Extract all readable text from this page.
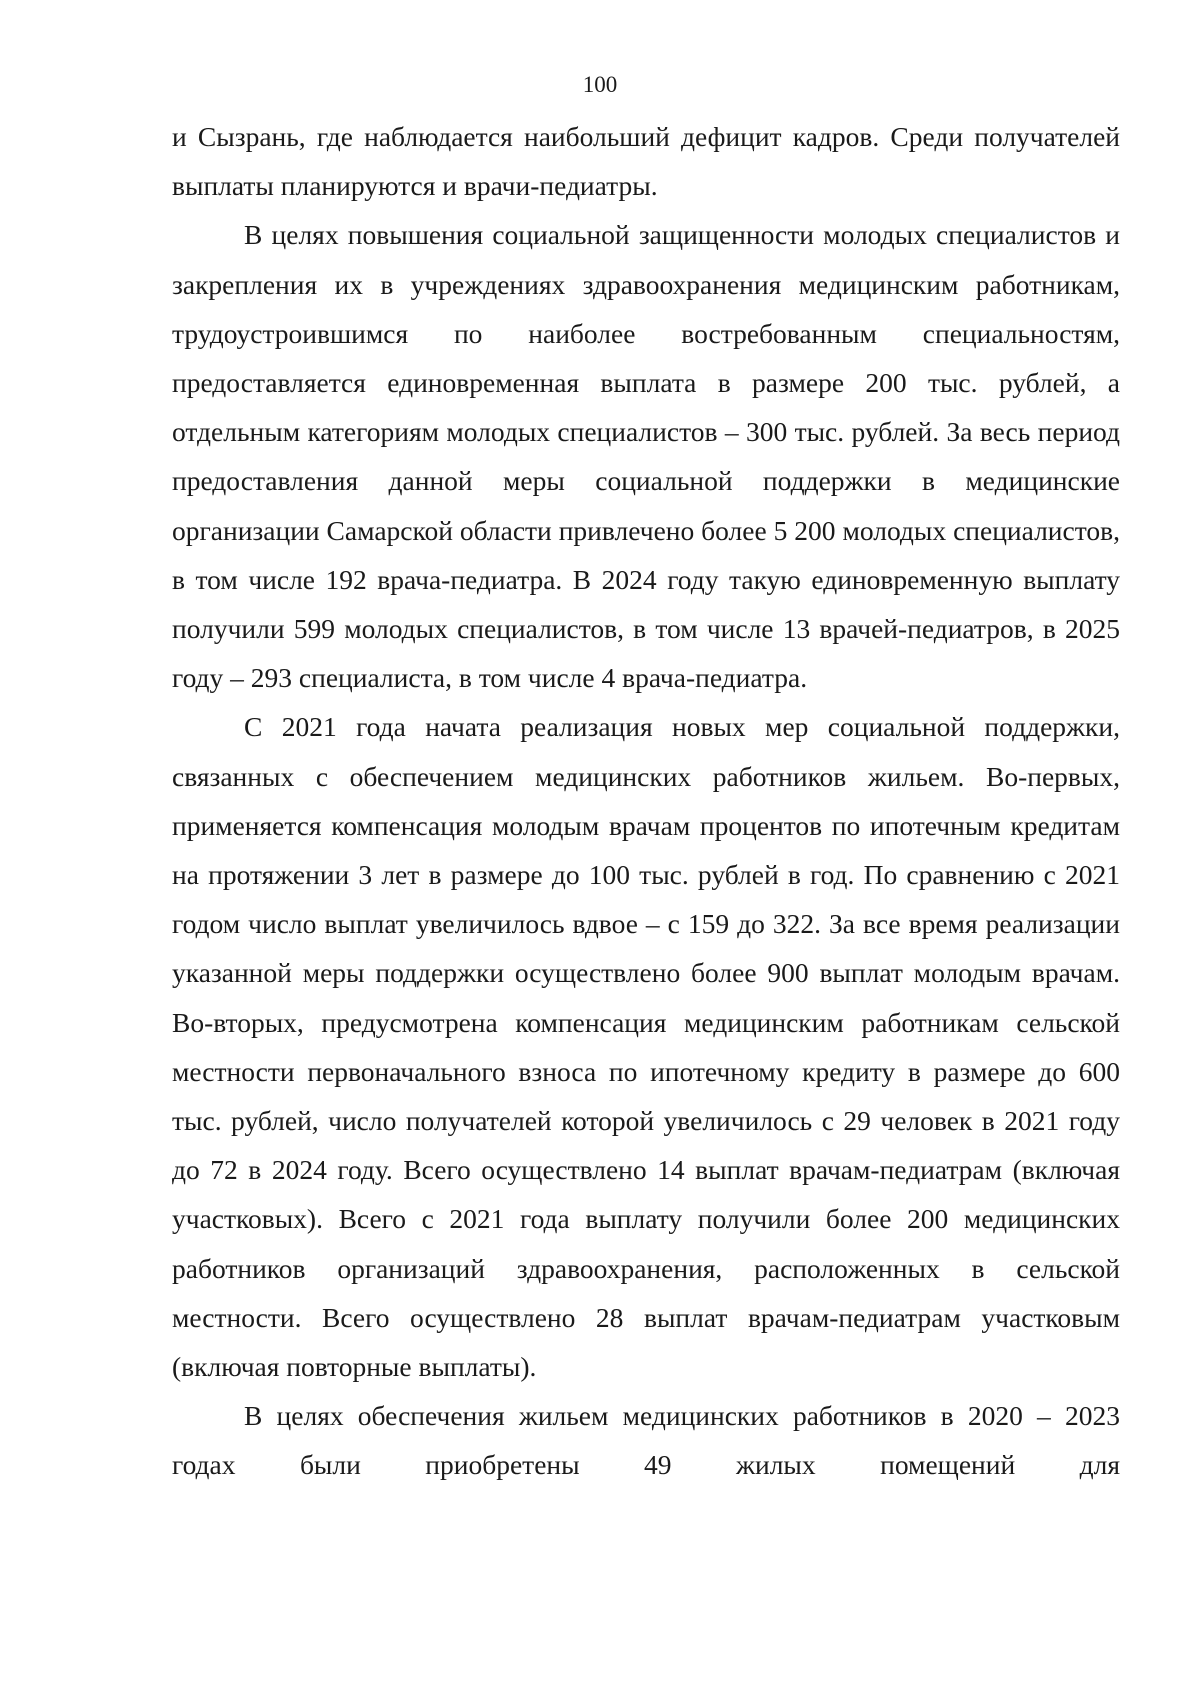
100

и Сызрань, где наблюдается наибольший дефицит кадров. Среди получателей выплаты планируются и врачи-педиатры.

В целях повышения социальной защищенности молодых специалистов и закрепления их в учреждениях здравоохранения медицинским работникам, трудоустроившимся по наиболее востребованным специальностям, предоставляется единовременная выплата в размере 200 тыс. рублей, а отдельным категориям молодых специалистов – 300 тыс. рублей. За весь период предоставления данной меры социальной поддержки в медицинские организации Самарской области привлечено более 5 200 молодых специалистов, в том числе 192 врача-педиатра. В 2024 году такую единовременную выплату получили 599 молодых специалистов, в том числе 13 врачей-педиатров, в 2025 году – 293 специалиста, в том числе 4 врача-педиатра.

С 2021 года начата реализация новых мер социальной поддержки, связанных с обеспечением медицинских работников жильем. Во-первых, применяется компенсация молодым врачам процентов по ипотечным кредитам на протяжении 3 лет в размере до 100 тыс. рублей в год. По сравнению с 2021 годом число выплат увеличилось вдвое – с 159 до 322. За все время реализации указанной меры поддержки осуществлено более 900 выплат молодым врачам. Во-вторых, предусмотрена компенсация медицинским работникам сельской местности первоначального взноса по ипотечному кредиту в размере до 600 тыс. рублей, число получателей которой увеличилось с 29 человек в 2021 году до 72 в 2024 году. Всего осуществлено 14 выплат врачам-педиатрам (включая участковых). Всего с 2021 года выплату получили более 200 медицинских работников организаций здравоохранения, расположенных в сельской местности. Всего осуществлено 28 выплат врачам-педиатрам участковым (включая повторные выплаты).

В целях обеспечения жильем медицинских работников в 2020 – 2023 годах были приобретены 49 жилых помещений для
